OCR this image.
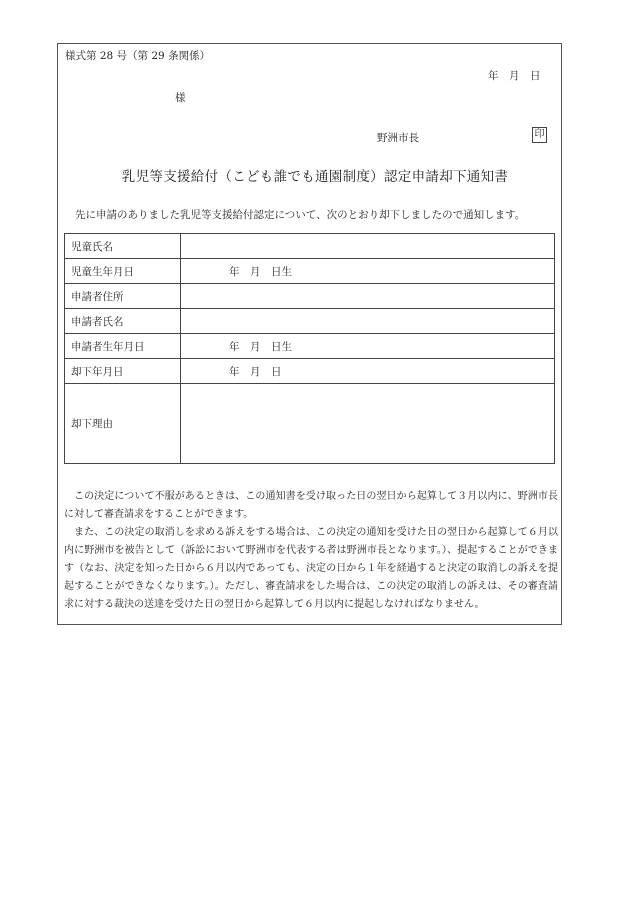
様式第 28 号（第 29 条関係）
年　月　日
様
野洲市長	印
乳児等支援給付（こども誰でも通園制度）認定申請却下通知書
先に申請のありました乳児等支援給付認定について、次のとおり却下しましたので通知します。
児童氏名	
児童生年月日	年　月　日生
申請者住所	
申請者氏名	
申請者生年月日	年　月　日生
却下年月日	年　月　日
却下理由	

この決定について不服があるときは、この通知書を受け取った日の翌日から起算して３月以内に、野洲市長に対して審査請求をすることができます。

また、この決定の取消しを求める訴えをする場合は、この決定の通知を受けた日の翌日から起算して６月以内に野洲市を被告として（訴訟において野洲市を代表する者は野洲市長となります。）、提起することができます（なお、決定を知った日から６月以内であっても、決定の日から１年を経過すると決定の取消しの訴えを提起することができなくなります。）。ただし、審査請求をした場合は、この決定の取消しの訴えは、その審査請求に対する裁決の送達を受けた日の翌日から起算して６月以内に提起しなければなりません。
